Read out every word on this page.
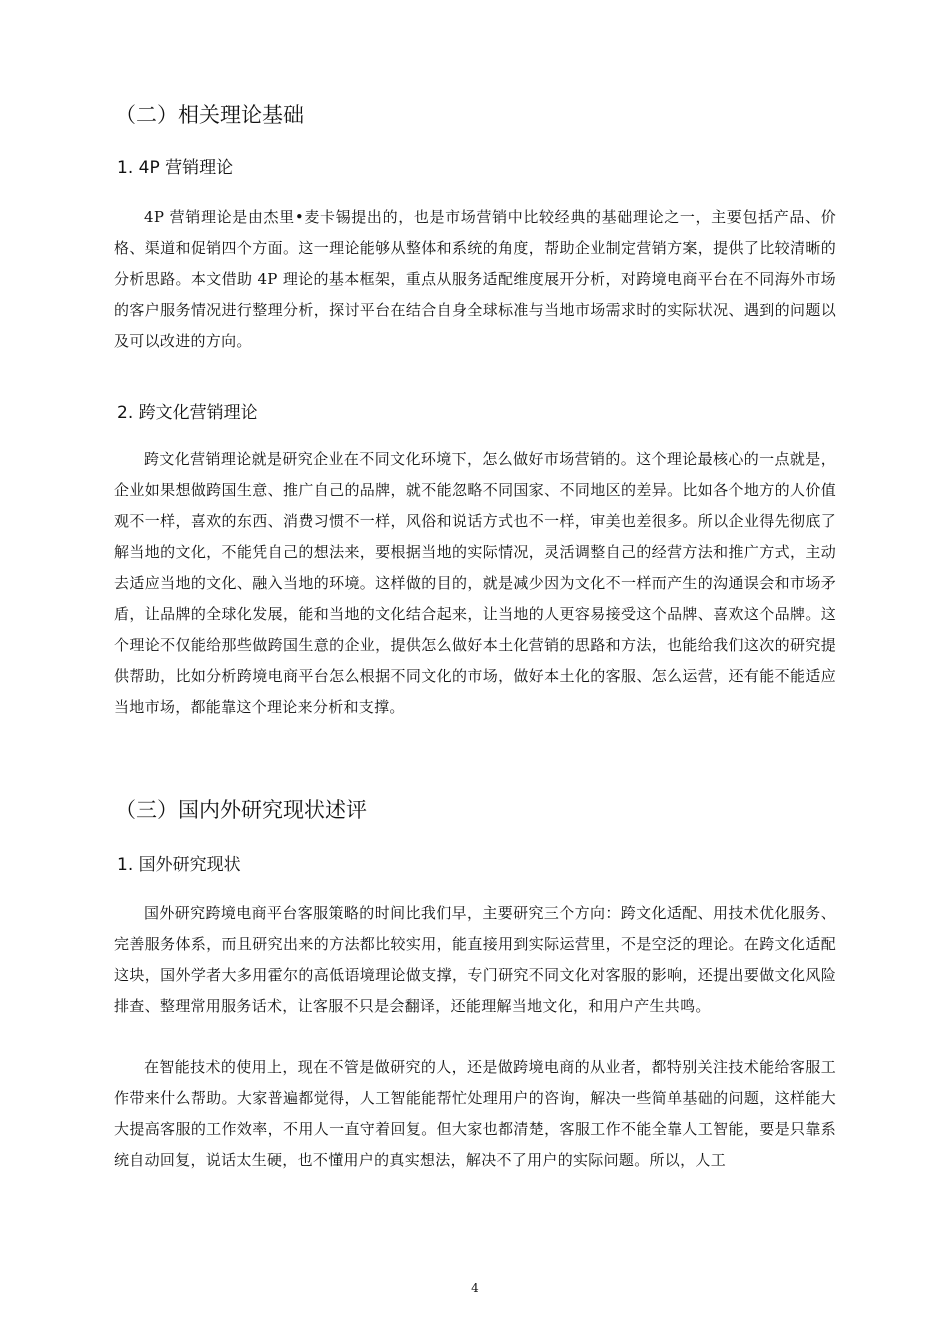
（二）相关理论基础
1. 4P 营销理论

4P 营销理论是由杰里•麦卡锡提出的，也是市场营销中比较经典的基础理论之一，主要包括产品、价格、渠道和促销四个方面。这一理论能够从整体和系统的角度，帮助企业制定营销方案，提供了比较清晰的分析思路。本文借助 4P 理论的基本框架，重点从服务适配维度展开分析，对跨境电商平台在不同海外市场的客户服务情况进行整理分析，探讨平台在结合自身全球标准与当地市场需求时的实际状况、遇到的问题以及可以改进的方向。

2. 跨文化营销理论

跨文化营销理论就是研究企业在不同文化环境下，怎么做好市场营销的。这个理论最核心的一点就是，企业如果想做跨国生意、推广自己的品牌，就不能忽略不同国家、不同地区的差异。比如各个地方的人价值观不一样，喜欢的东西、消费习惯不一样，风俗和说话方式也不一样，审美也差很多。所以企业得先彻底了解当地的文化，不能凭自己的想法来，要根据当地的实际情况，灵活调整自己的经营方法和推广方式，主动去适应当地的文化、融入当地的环境。这样做的目的，就是减少因为文化不一样而产生的沟通误会和市场矛盾，让品牌的全球化发展，能和当地的文化结合起来，让当地的人更容易接受这个品牌、喜欢这个品牌。这个理论不仅能给那些做跨国生意的企业，提供怎么做好本土化营销的思路和方法，也能给我们这次的研究提供帮助，比如分析跨境电商平台怎么根据不同文化的市场，做好本土化的客服、怎么运营，还有能不能适应当地市场，都能靠这个理论来分析和支撑。

（三）国内外研究现状述评
1. 国外研究现状

国外研究跨境电商平台客服策略的时间比我们早，主要研究三个方向：跨文化适配、用技术优化服务、完善服务体系，而且研究出来的方法都比较实用，能直接用到实际运营里，不是空泛的理论。在跨文化适配这块，国外学者大多用霍尔的高低语境理论做支撑，专门研究不同文化对客服的影响，还提出要做文化风险排查、整理常用服务话术，让客服不只是会翻译，还能理解当地文化，和用户产生共鸣。

在智能技术的使用上，现在不管是做研究的人，还是做跨境电商的从业者，都特别关注技术能给客服工作带来什么帮助。大家普遍都觉得，人工智能能帮忙处理用户的咨询，解决一些简单基础的问题，这样能大大提高客服的工作效率，不用人一直守着回复。但大家也都清楚，客服工作不能全靠人工智能，要是只靠系统自动回复，说话太生硬，也不懂用户的真实想法，解决不了用户的实际问题。所以，人工

4
